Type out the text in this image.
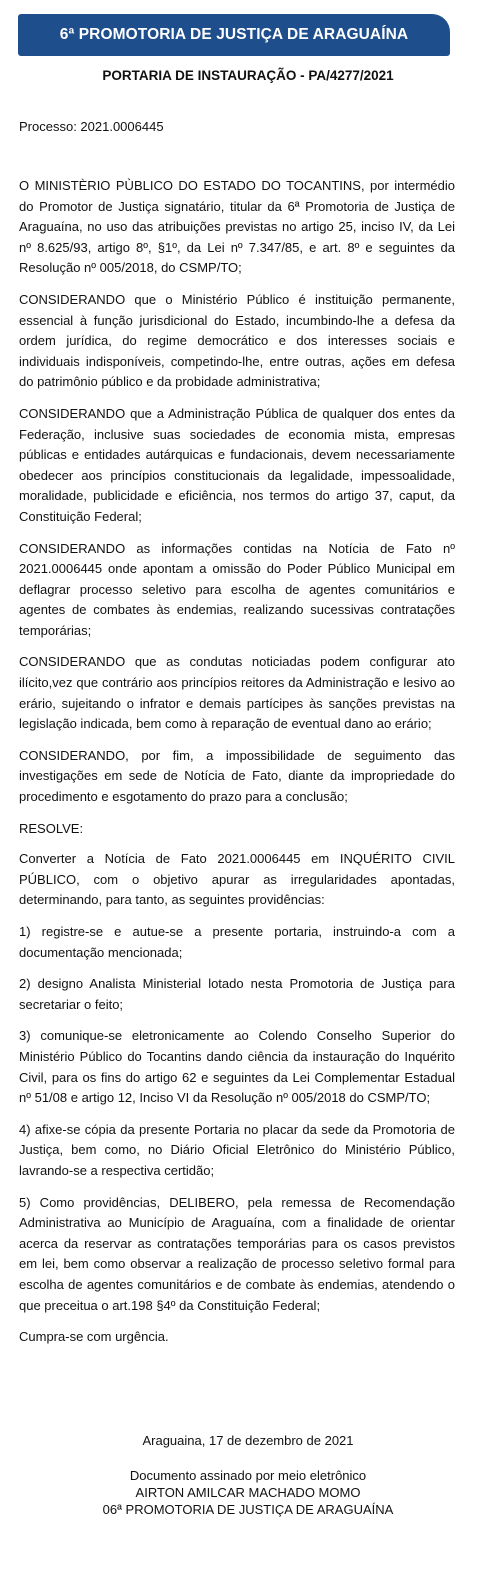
6ª PROMOTORIA DE JUSTIÇA DE ARAGUAÍNA
PORTARIA DE INSTAURAÇÃO - PA/4277/2021
Processo: 2021.0006445

O MINISTÈRIO PÙBLICO DO ESTADO DO TOCANTINS, por intermédio do Promotor de Justiça signatário, titular da 6ª Promotoria de Justiça de Araguaína, no uso das atribuições previstas no artigo 25, inciso IV, da Lei nº 8.625/93, artigo 8º, §1º, da Lei nº 7.347/85, e art. 8º e seguintes da Resolução nº 005/2018, do CSMP/TO;

CONSIDERANDO que o Ministério Público é instituição permanente, essencial à função jurisdicional do Estado, incumbindo-lhe a defesa da ordem jurídica, do regime democrático e dos interesses sociais e individuais indisponíveis, competindo-lhe, entre outras, ações em defesa do patrimônio público e da probidade administrativa;

CONSIDERANDO que a Administração Pública de qualquer dos entes da Federação, inclusive suas sociedades de economia mista, empresas públicas e entidades autárquicas e fundacionais, devem necessariamente obedecer aos princípios constitucionais da legalidade, impessoalidade, moralidade, publicidade e eficiência, nos termos do artigo 37, caput, da Constituição Federal;

CONSIDERANDO as informações contidas na Notícia de Fato nº 2021.0006445 onde apontam a omissão do Poder Público Municipal em deflagrar processo seletivo para escolha de agentes comunitários e agentes de combates às endemias, realizando sucessivas contratações temporárias;

CONSIDERANDO que as condutas noticiadas podem configurar ato ilícito,vez que contrário aos princípios reitores da Administração e lesivo ao erário, sujeitando o infrator e demais partícipes às sanções previstas na legislação indicada, bem como à reparação de eventual dano ao erário;

CONSIDERANDO, por fim, a impossibilidade de seguimento das investigações em sede de Notícia de Fato, diante da impropriedade do procedimento e esgotamento do prazo para a conclusão;

RESOLVE:

Converter a Notícia de Fato 2021.0006445 em INQUÉRITO CIVIL PÚBLICO, com o objetivo apurar as irregularidades apontadas, determinando, para tanto, as seguintes providências:

1) registre-se e autue-se a presente portaria, instruindo-a com a documentação mencionada;

2) designo Analista Ministerial lotado nesta Promotoria de Justiça para secretariar o feito;

3) comunique-se eletronicamente ao Colendo Conselho Superior do Ministério Público do Tocantins dando ciência da instauração do Inquérito Civil, para os fins do artigo 62 e seguintes da Lei Complementar Estadual nº 51/08 e artigo 12, Inciso VI da Resolução nº 005/2018 do CSMP/TO;

4) afixe-se cópia da presente Portaria no placar da sede da Promotoria de Justiça, bem como, no Diário Oficial Eletrônico do Ministério Público, lavrando-se a respectiva certidão;

5) Como providências, DELIBERO, pela remessa de Recomendação Administrativa ao Município de Araguaína, com a finalidade de orientar acerca da reservar as contratações temporárias para os casos previstos em lei, bem como observar a realização de processo seletivo formal para escolha de agentes comunitários e de combate às endemias, atendendo o que preceitua o art.198 §4º da Constituição Federal;

Cumpra-se com urgência.

Araguaina, 17 de dezembro de 2021
Documento assinado por meio eletrônico
AIRTON AMILCAR MACHADO MOMO
06ª PROMOTORIA DE JUSTIÇA DE ARAGUAÍNA
